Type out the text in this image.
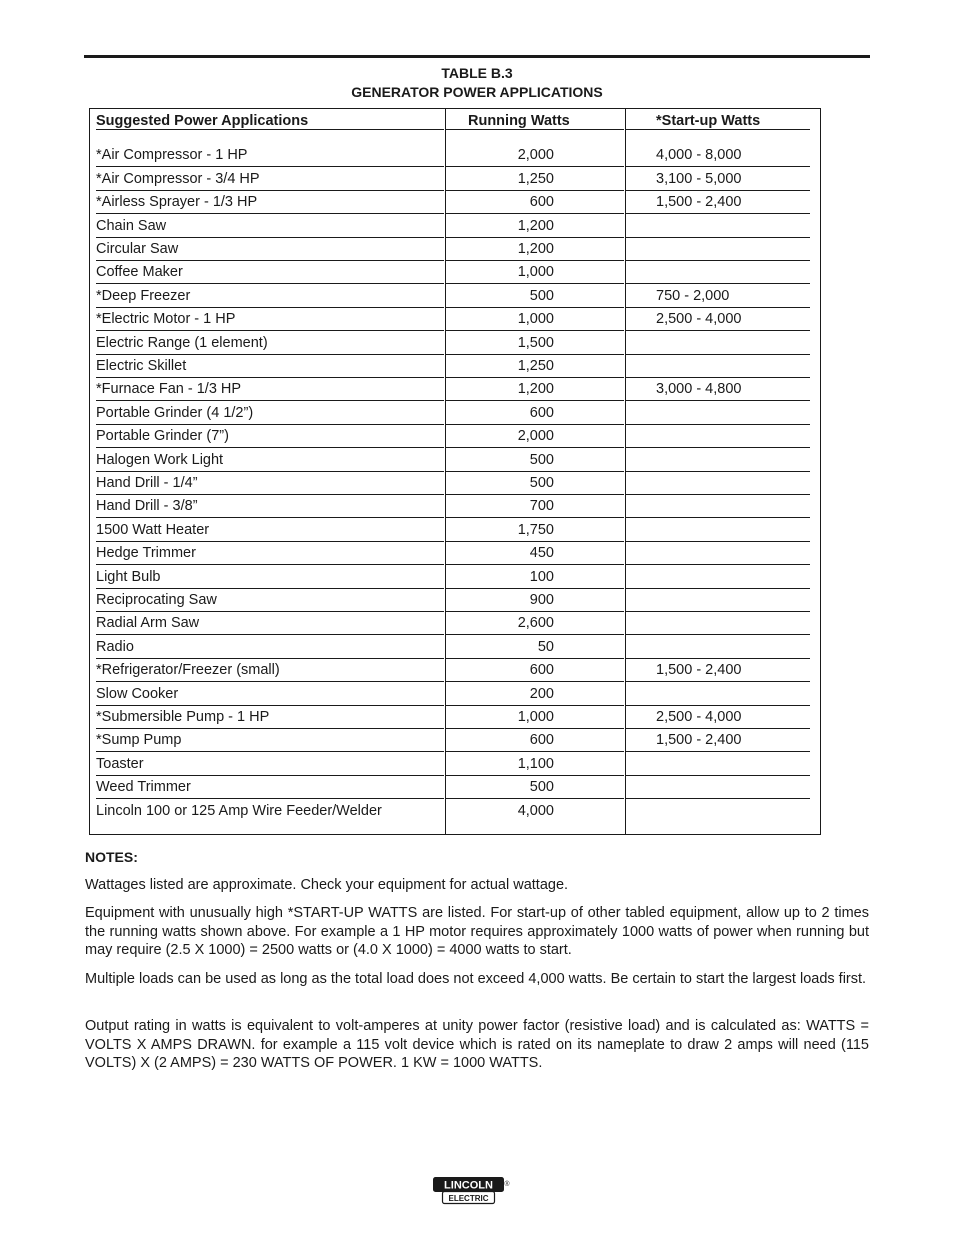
TABLE B.3
GENERATOR POWER APPLICATIONS
Suggested Power Applications	Running Watts	*Start-up Watts
*Air Compressor - 1 HP	2,000	4,000 - 8,000
*Air Compressor - 3/4 HP	1,250	3,100 - 5,000
*Airless Sprayer - 1/3 HP	600	1,500 - 2,400
Chain Saw	1,200
Circular Saw	1,200
Coffee Maker	1,000
*Deep Freezer	500	750 - 2,000
*Electric Motor - 1 HP	1,000	2,500 - 4,000
Electric Range (1 element)	1,500
Electric Skillet	1,250
*Furnace Fan - 1/3 HP	1,200	3,000 - 4,800
Portable Grinder (4 1/2”)	600
Portable Grinder (7”)	2,000
Halogen Work Light	500
Hand Drill - 1/4”	500
Hand Drill - 3/8”	700
1500 Watt Heater	1,750
Hedge Trimmer	450
Light Bulb	100
Reciprocating Saw	900
Radial Arm Saw	2,600
Radio	50
*Refrigerator/Freezer (small)	600	1,500 - 2,400
Slow Cooker	200
*Submersible Pump - 1 HP	1,000	2,500 - 4,000
*Sump Pump	600	1,500 - 2,400
Toaster	1,100
Weed Trimmer	500
Lincoln 100 or 125 Amp Wire Feeder/Welder	4,000
NOTES:

Wattages listed are approximate. Check your equipment for actual wattage.

Equipment with unusually high *START-UP WATTS are listed. For start-up of other tabled equipment, allow up to 2 times the running watts shown above. For example a 1 HP motor requires approximately 1000 watts of power when running but may require (2.5 X 1000) = 2500 watts or (4.0 X 1000) = 4000 watts to start.

Multiple loads can be used as long as the total load does not exceed 4,000 watts. Be certain to start the largest loads first.

Output rating in watts is equivalent to volt-amperes at unity power factor (resistive load) and is calculated as: WATTS = VOLTS X AMPS DRAWN. for example a 115 volt device which is rated on its nameplate to draw 2 amps will need (115 VOLTS) X (2 AMPS) = 230 WATTS OF POWER. 1 KW = 1000 WATTS.

LINCOLN
ELECTRIC
®
